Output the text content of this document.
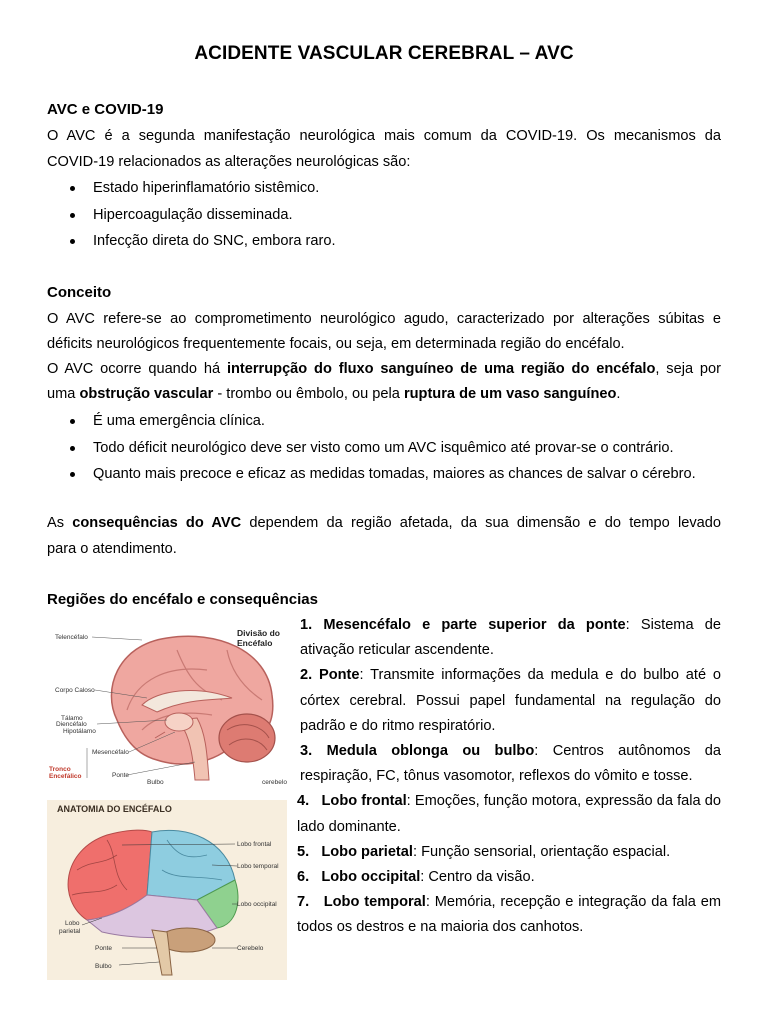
ACIDENTE VASCULAR CEREBRAL – AVC
AVC e COVID-19
O AVC é a segunda manifestação neurológica mais comum da COVID-19. Os mecanismos da
COVID-19 relacionados as alterações neurológicas são:
Estado hiperinflamatório sistêmico.
Hipercoagulação disseminada.
Infecção direta do SNC, embora raro.
Conceito
O AVC refere-se ao comprometimento neurológico agudo, caracterizado por alterações súbitas e
déficits neurológicos frequentemente focais, ou seja, em determinada região do encéfalo.
O AVC ocorre quando há interrupção do fluxo sanguíneo de uma região do encéfalo, seja por
uma obstrução vascular - trombo ou êmbolo, ou pela ruptura de um vaso sanguíneo.
É uma emergência clínica.
Todo déficit neurológico deve ser visto como um AVC isquêmico até provar-se o contrário.
Quanto mais precoce e eficaz as medidas tomadas, maiores as chances de salvar o cérebro.
As consequências do AVC dependem da região afetada, da sua dimensão e do tempo levado
para o atendimento.
Regiões do encéfalo e consequências
1. Mesencéfalo e parte superior da ponte: Sistema de ativação reticular ascendente.
2. Ponte: Transmite informações da medula e do bulbo até o córtex cerebral. Possui papel fundamental na regulação do padrão e do ritmo respiratório.
3. Medula oblonga ou bulbo: Centros autônomos da respiração, FC, tônus vasomotor, reflexos do vômito e tosse.
4. Lobo frontal: Emoções, função motora, expressão da fala do lado dominante.
5. Lobo parietal: Função sensorial, orientação espacial.
6. Lobo occipital: Centro da visão.
7. Lobo temporal: Memória, recepção e integração da fala em todos os destros e na maioria dos canhotos.
Telencéfalo
Corpo Caloso
Tálamo
Diencéfalo
Hipotálamo
Mesencéfalo
Ponte
Bulbo	cerebelo
Tronco
Encefálico
Divisão do
Encéfalo
ANATOMIA DO ENCÉFALO
Lobo frontal
Lobo temporal
Lobo occipital
Lobo
parietal
Ponte
Bulbo
Cerebelo
